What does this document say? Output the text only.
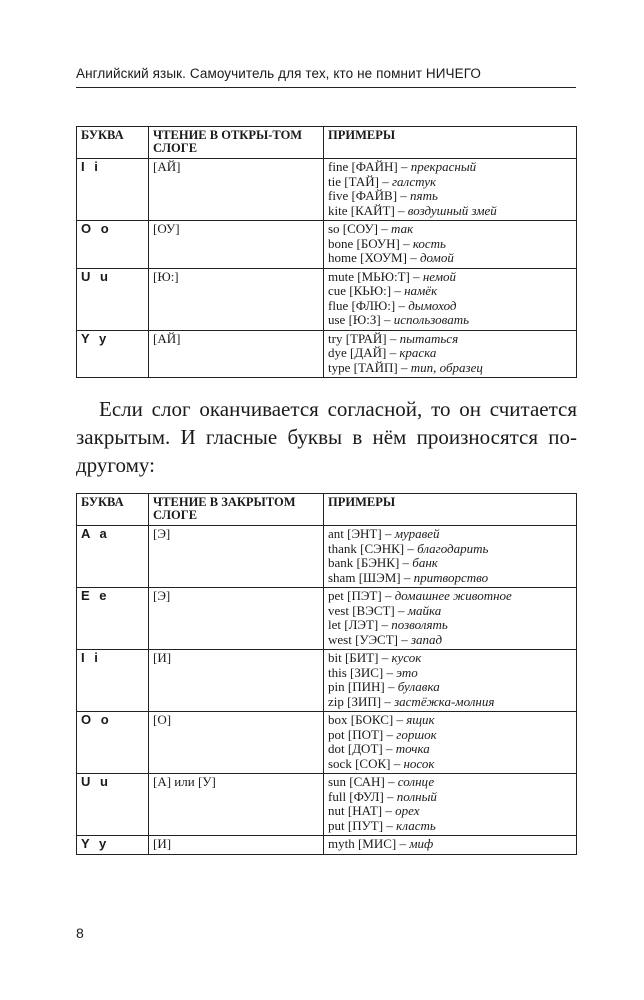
Английский язык. Самоучитель для тех, кто не помнит НИЧЕГО
БУКВА	ЧТЕНИЕ В ОТКРЫ-ТОМ СЛОГЕ	ПРИМЕРЫ
I i	[АЙ]	fine [ФАЙН] – прекрасный
tie [ТАЙ] – галстук
five [ФАЙВ] – пять
kite [КАЙТ] – воздушный змей

O o	[ОУ]	so [СОУ] – так
bone [БОУН] – кость
home [ХОУМ] – домой

U u	[Ю:]	mute [МЬЮ:Т] – немой
cue [КЬЮ:] – намёк
flue [ФЛЮ:] – дымоход
use [Ю:З] – использовать

Y y	[АЙ]	try [ТРАЙ] – пытаться
dye [ДАЙ] – краска
type [ТАЙП] – тип, образец
Если слог оканчивается согласной, то он считается закрытым. И гласные буквы в нём произносятся по-другому:
БУКВА	ЧТЕНИЕ В ЗАКРЫТОМ СЛОГЕ	ПРИМЕРЫ
A a	[Э]	ant [ЭНТ] – муравей
thank [СЭНК] – благодарить
bank [БЭНК] – банк
sham [ШЭМ] – притворство

E e	[Э]	pet [ПЭТ] – домашнее животное
vest [ВЭСТ] – майка
let [ЛЭТ] – позволять
west [УЭСТ] – запад

I i	[И]	bit [БИТ] – кусок
this [ЗИС] – это
pin [ПИН] – булавка
zip [ЗИП] – застёжка-молния

O o	[О]	box [БОКС] – ящик
pot [ПОТ] – горшок
dot [ДОТ] – точка
sock [СОК] – носок

U u	[А] или [У]	sun [САН] – солнце
full [ФУЛ] – полный
nut [НАТ] – орех
put [ПУТ] – класть

Y y	[И]	myth [МИС] – миф
8
